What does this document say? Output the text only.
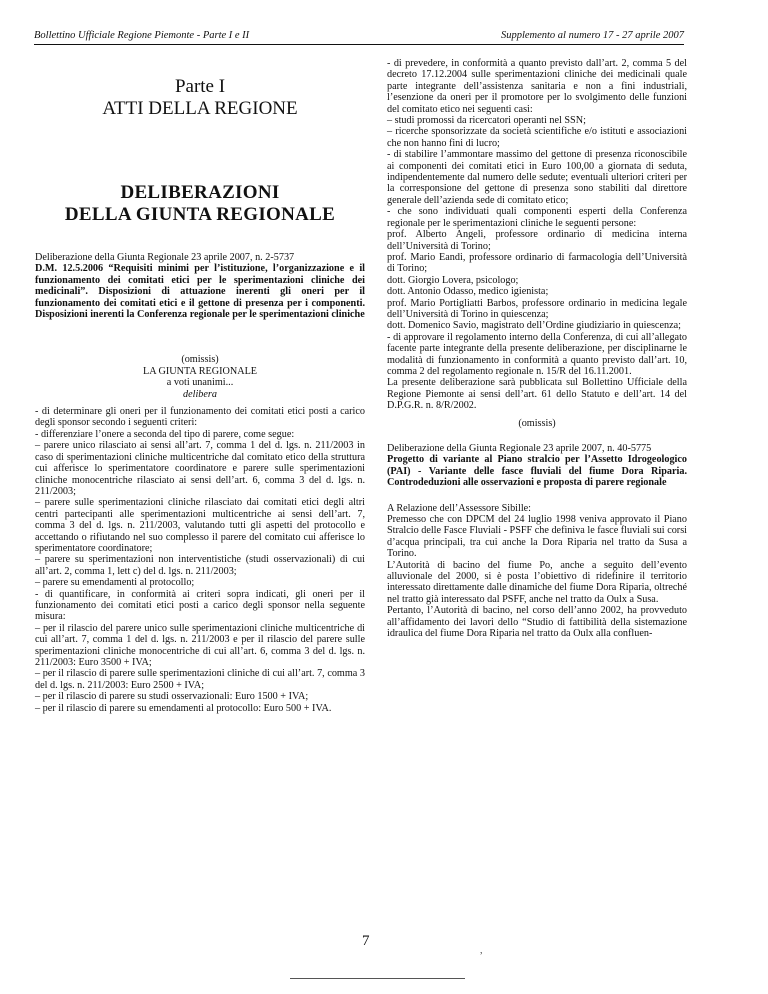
Bollettino Ufficiale Regione Piemonte - Parte I e II	Supplemento al numero 17 - 27 aprile 2007

Parte I

ATTI DELLA REGIONE

DELIBERAZIONI

DELLA GIUNTA REGIONALE

Deliberazione della Giunta Regionale 23 aprile 2007, n. 2-5737

D.M. 12.5.2006 “Requisiti minimi per l’istituzione, l’organizzazione e il funzionamento dei comitati etici per le sperimentazioni cliniche dei medicinali”. Disposizioni di attuazione inerenti gli oneri per il funzionamento dei comitati etici e il gettone di presenza per i componenti. Disposizioni inerenti la Conferenza regionale per le sperimentazioni cliniche

(omissis)

LA GIUNTA REGIONALE

a voti unanimi...

delibera

- di determinare gli oneri per il funzionamento dei comitati etici posti a carico degli sponsor secondo i seguenti criteri:

- differenziare l’onere a seconda del tipo di parere, come segue:

– parere unico rilasciato ai sensi all’art. 7, comma 1 del d. lgs. n. 211/2003 in caso di sperimentazioni cliniche multicentriche dal comitato etico della struttura cui afferisce lo sperimentatore coordinatore e parere sulle sperimentazioni cliniche monocentriche rilasciato ai sensi dell’art. 6, comma 3 del d. lgs. n. 211/2003;

– parere sulle sperimentazioni cliniche rilasciato dai comitati etici degli altri centri partecipanti alle sperimentazioni multicentriche ai sensi dell’art. 7, comma 3 del d. lgs. n. 211/2003, valutando tutti gli aspetti del protocollo e accettando o rifiutando nel suo complesso il parere del comitato cui afferisce lo sperimentatore coordinatore;

– parere su sperimentazioni non interventistiche (studi osservazionali) di cui all’art. 2, comma 1, lett c) del d. lgs. n. 211/2003;

– parere su emendamenti al protocollo;

- di quantificare, in conformità ai criteri sopra indicati, gli oneri per il funzionamento dei comitati etici posti a carico degli sponsor nella seguente misura:

– per il rilascio del parere unico sulle sperimentazioni cliniche multicentriche di cui all’art. 7, comma 1 del d. lgs. n. 211/2003 e per il rilascio del parere sulle sperimentazioni cliniche monocentriche di cui all’art. 6, comma 3 del d. lgs. n. 211/2003: Euro 3500 + IVA;

– per il rilascio di parere sulle sperimentazioni cliniche di cui all’art. 7, comma 3 del d. lgs. n. 211/2003: Euro 2500 + IVA;

– per il rilascio di parere su studi osservazionali: Euro 1500 + IVA;

– per il rilascio di parere su emendamenti al protocollo: Euro 500 + IVA.

- di prevedere, in conformità a quanto previsto dall’art. 2, comma 5 del decreto 17.12.2004 sulle sperimentazioni cliniche dei medicinali quale parte integrante dell’assistenza sanitaria e non a fini industriali, l’esenzione da oneri per il promotore per lo svolgimento delle funzioni del comitato etico nei seguenti casi:

– studi promossi da ricercatori operanti nel SSN;

– ricerche sponsorizzate da società scientifiche e/o istituti e associazioni che non hanno fini di lucro;

- di stabilire l’ammontare massimo del gettone di presenza riconoscibile ai componenti dei comitati etici in Euro 100,00 a giornata di seduta, indipendentemente dal numero delle sedute; eventuali ulteriori criteri per la corresponsione del gettone di presenza sono stabiliti dal direttore generale dell’azienda sede di comitato etico;

- che sono individuati quali componenti esperti della Conferenza regionale per le sperimentazioni cliniche le seguenti persone:

prof. Alberto Angeli, professore ordinario di medicina interna dell’Università di Torino;

prof. Mario Eandi, professore ordinario di farmacologia dell’Università di Torino;

dott. Giorgio Lovera, psicologo;

dott. Antonio Odasso, medico igienista;

prof. Mario Portigliatti Barbos, professore ordinario in medicina legale dell’Università di Torino in quiescenza;

dott. Domenico Savio, magistrato dell’Ordine giudiziario in quiescenza;

- di approvare il regolamento interno della Conferenza, di cui all’allegato facente parte integrante della presente deliberazione, per disciplinarne le modalità di funzionamento in conformità a quanto previsto dall’art. 10, comma 2 del regolamento regionale n. 15/R del 16.11.2001.

La presente deliberazione sarà pubblicata sul Bollettino Ufficiale della Regione Piemonte ai sensi dell’art. 61 dello Statuto e dell’art. 14 del D.P.G.R. n. 8/R/2002.

(omissis)

Deliberazione della Giunta Regionale 23 aprile 2007, n. 40-5775

Progetto di variante al Piano stralcio per l’Assetto Idrogeologico (PAI) - Variante delle fasce fluviali del fiume Dora Riparia. Controdeduzioni alle osservazioni e proposta di parere regionale

A Relazione dell’Assessore Sibille:

Premesso che con DPCM del 24 luglio 1998 veniva approvato il Piano Stralcio delle Fasce Fluviali - PSFF che definiva le fasce fluviali sui corsi d’acqua principali, tra cui anche la Dora Riparia nel tratto da Susa a Torino.

L’Autorità di bacino del fiume Po, anche a seguito dell’evento alluvionale del 2000, si è posta l’obiettivo di ridefinire il territorio interessato direttamente dalle dinamiche del fiume Dora Riparia, oltreché nel tratto già interessato dal PSFF, anche nel tratto da Oulx a Susa.

Pertanto, l’Autorità di bacino, nel corso dell’anno 2002, ha provveduto all’affidamento dei lavori dello “Studio di fattibilità della sistemazione idraulica del fiume Dora Riparia nel tratto da Oulx alla confluen-

7
,
